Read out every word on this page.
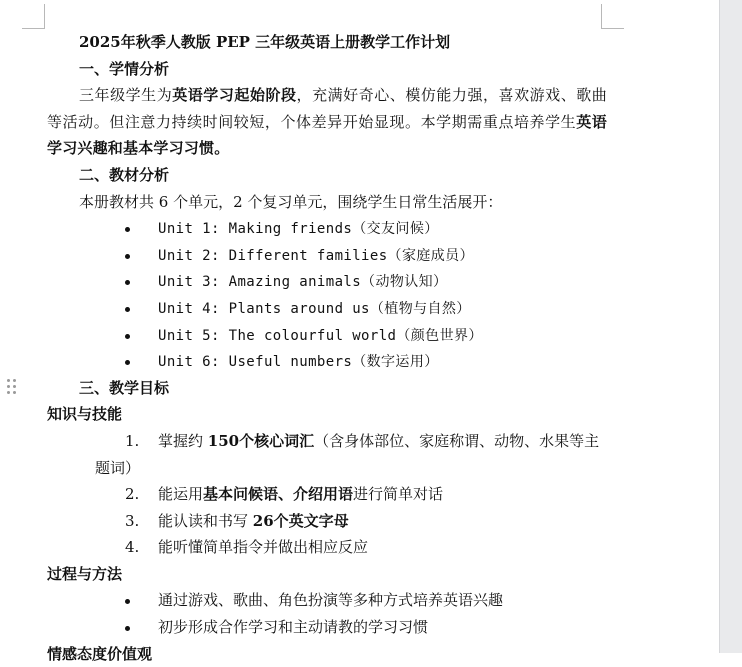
2025年秋季人教版 PEP 三年级英语上册教学工作计划
一、学情分析
三年级学生为英语学习起始阶段，充满好奇心、模仿能力强，喜欢游戏、歌曲等活动。但注意力持续时间较短，个体差异开始显现。本学期需重点培养学生英语学习兴趣和基本学习习惯。
二、教材分析
本册教材共 6 个单元，2 个复习单元，围绕学生日常生活展开：
Unit 1: Making friends（交友问候）
Unit 2: Different families（家庭成员）
Unit 3: Amazing animals（动物认知）
Unit 4: Plants around us（植物与自然）
Unit 5: The colourful world（颜色世界）
Unit 6: Useful numbers（数字运用）
三、教学目标
知识与技能
1. 掌握约 150个核心词汇（含身体部位、家庭称谓、动物、水果等主题词）
2. 能运用基本问候语、介绍用语进行简单对话
3. 能认读和书写 26个英文字母
4. 能听懂简单指令并做出相应反应
过程与方法
通过游戏、歌曲、角色扮演等多种方式培养英语兴趣
初步形成合作学习和主动请教的学习习惯
情感态度价值观
